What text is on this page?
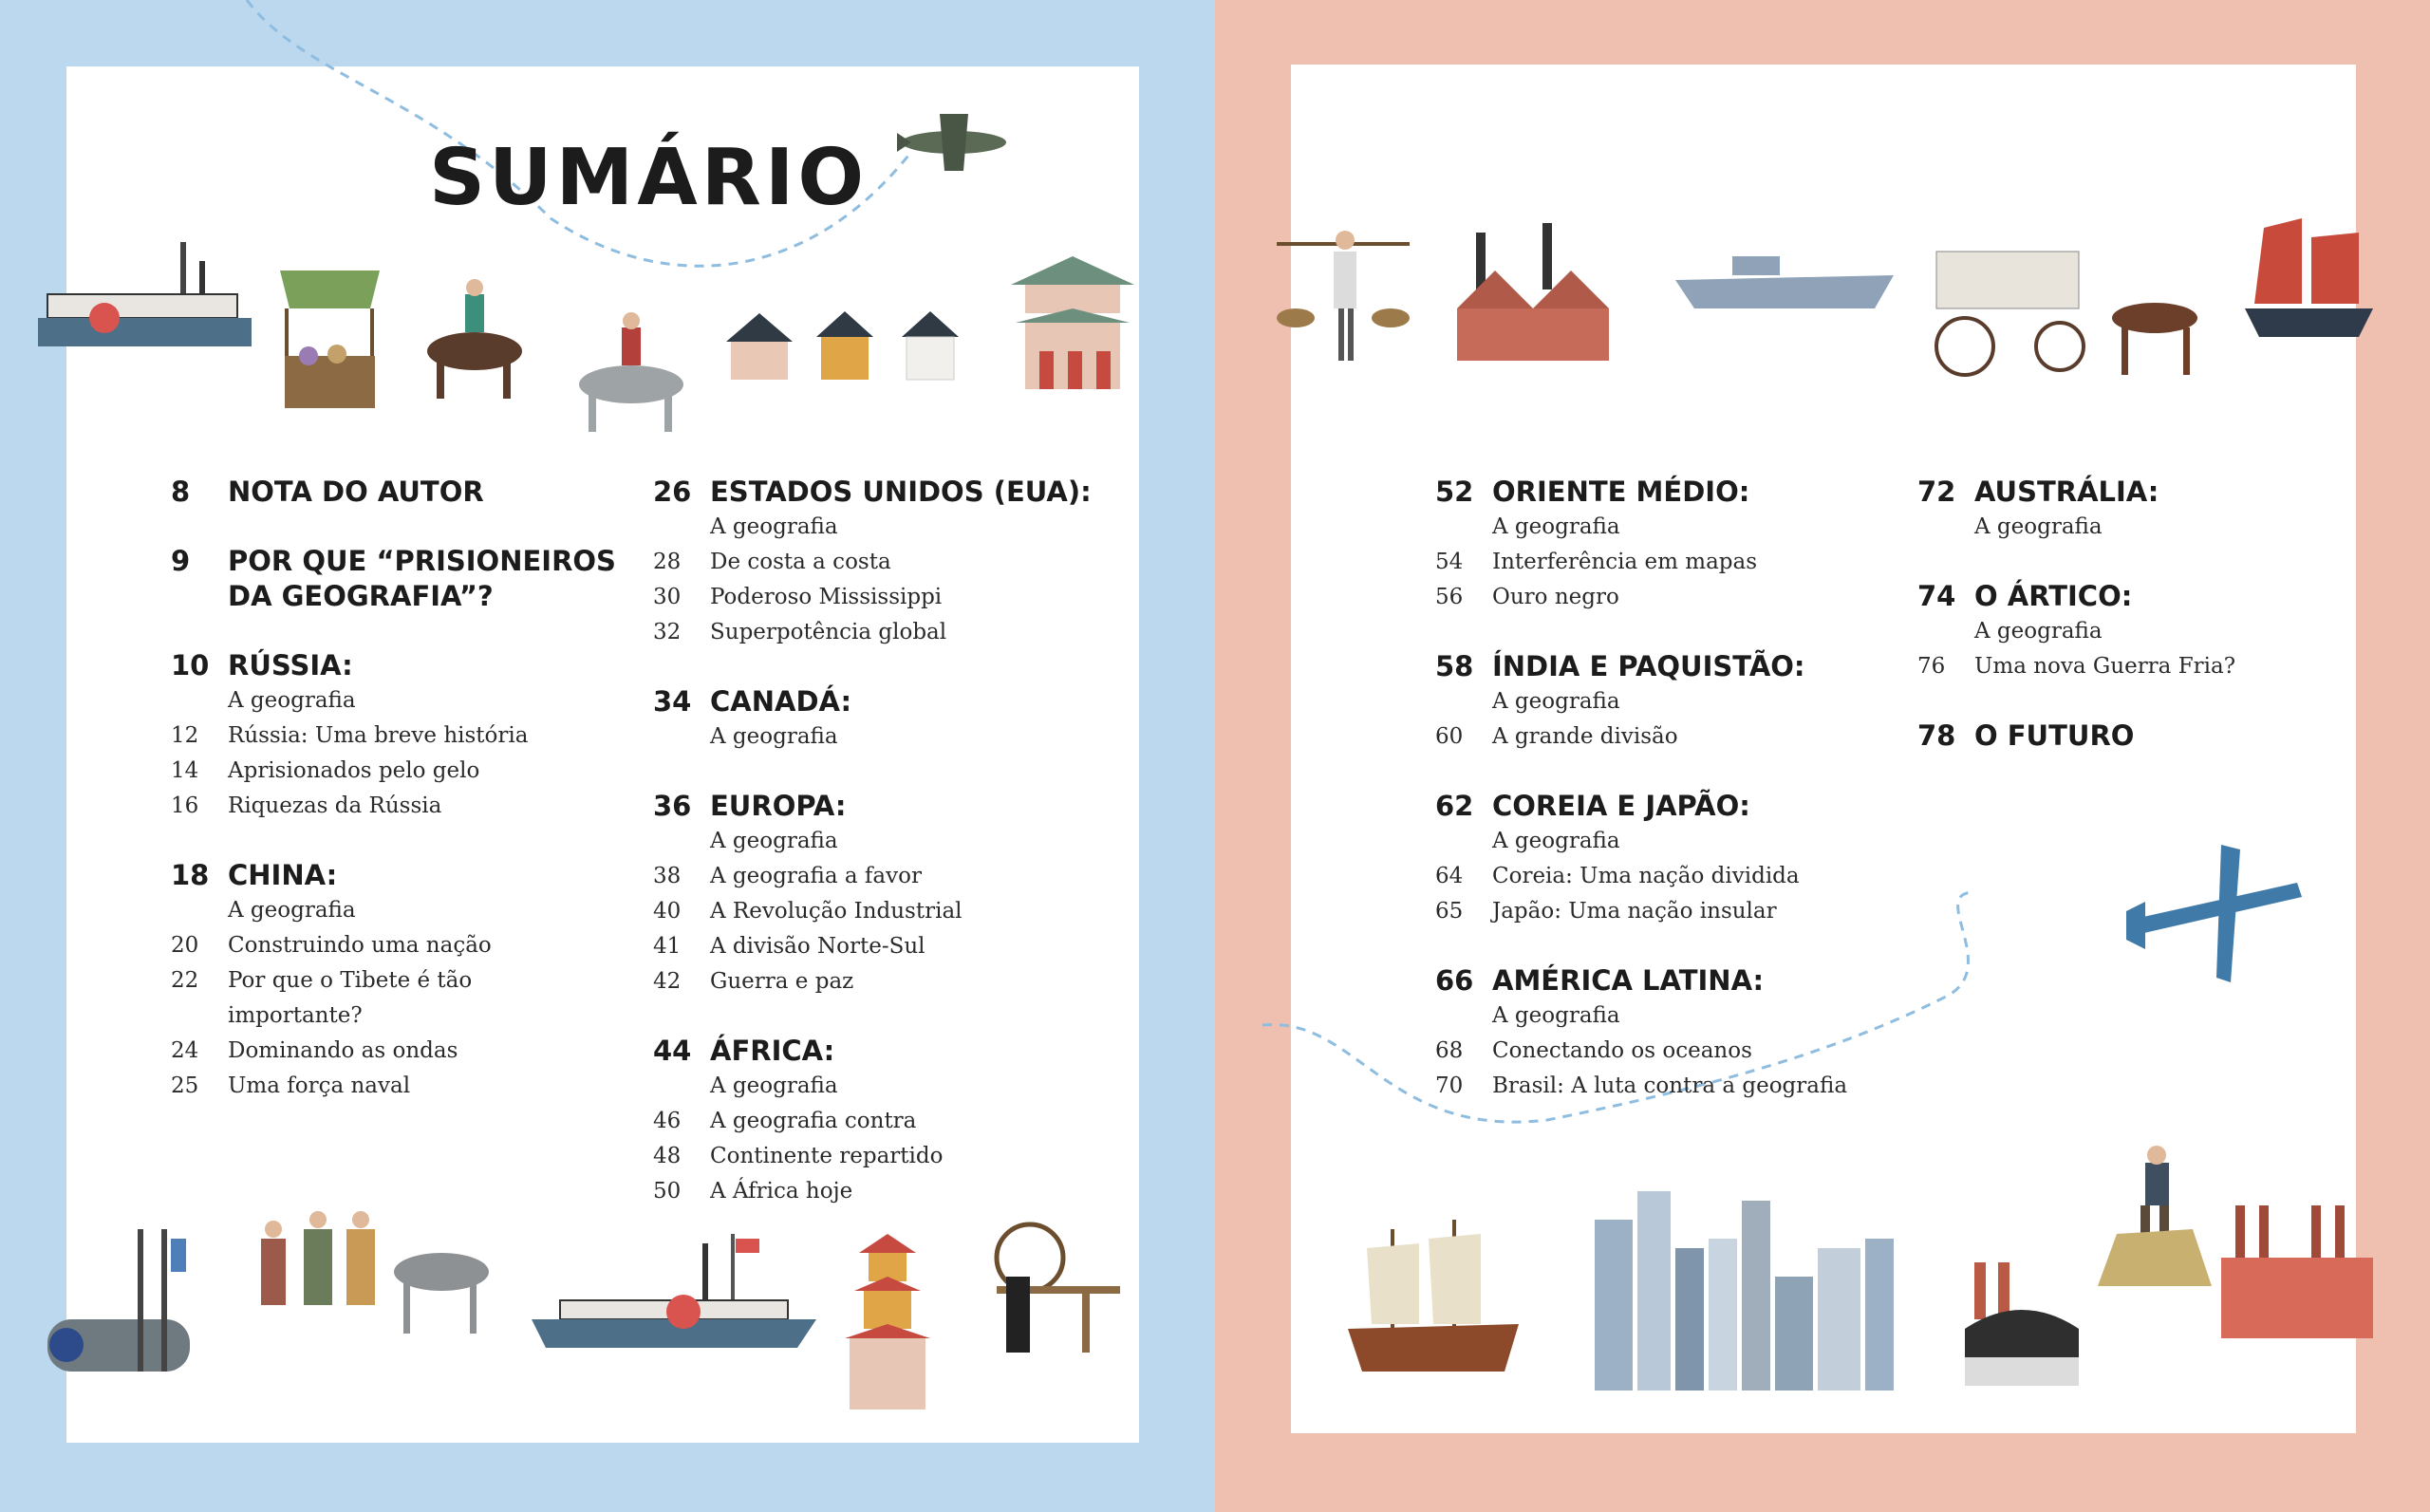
SUMÁRIO
8	NOTA DO AUTOR
9	POR QUE “PRISIONEIROS DA GEOGRAFIA”?
10 RÚSSIA:
A geografia
12	Rússia: Uma breve história
14	Aprisionados pelo gelo
16	Riquezas da Rússia
18 CHINA:
A geografia
20	Construindo uma nação
22	Por que o Tibete é tão importante?
24	Dominando as ondas
25	Uma força naval
26 ESTADOS UNIDOS (EUA):
A geografia
28	De costa a costa
30	Poderoso Mississippi
32	Superpotência global
34 CANADÁ:
A geografia
36 EUROPA:
A geografia
38	A geografia a favor
40	A Revolução Industrial
41	A divisão Norte-Sul
42	Guerra e paz
44 ÁFRICA:
A geografia
46	A geografia contra
48	Continente repartido
50	A África hoje
52 ORIENTE MÉDIO:
A geografia
54	Interferência em mapas
56	Ouro negro
58 ÍNDIA E PAQUISTÃO:
A geografia
60	A grande divisão
62 COREIA E JAPÃO:
A geografia
64	Coreia: Uma nação dividida
65	Japão: Uma nação insular
66 AMÉRICA LATINA:
A geografia
68	Conectando os oceanos
70	Brasil: A luta contra a geografia
72 AUSTRÁLIA:
A geografia
74 O ÁRTICO:
A geografia
76	Uma nova Guerra Fria?
78 O FUTURO
